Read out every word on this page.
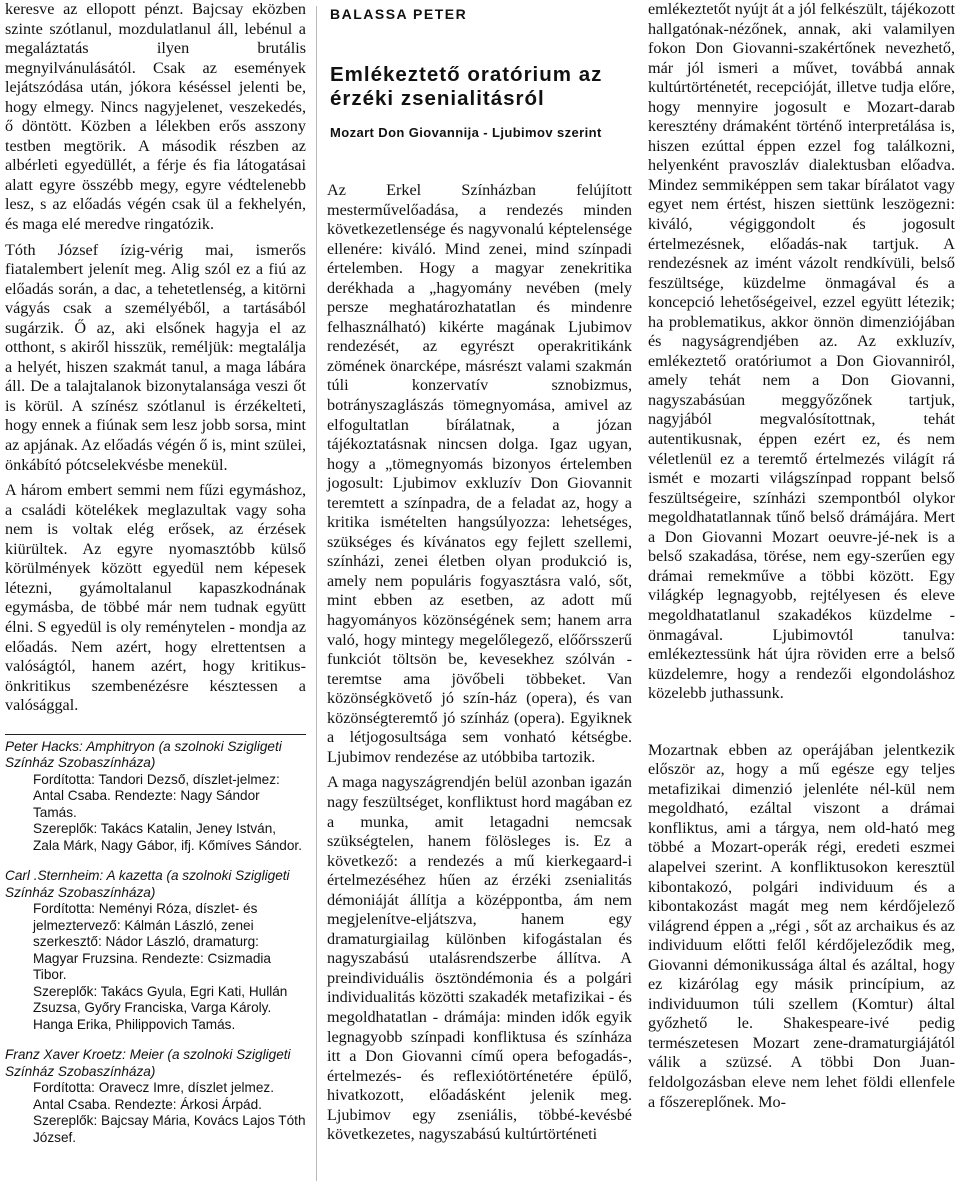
keresve az ellopott pénzt. Bajcsay eközben szinte szótlanul, mozdulatlanul áll, lebénul a megaláztatás ilyen brutális megnyilvánulásától. Csak az események lejátszódása után, jókora késéssel jelenti be, hogy elmegy. Nincs nagyjelenet, veszekedés, ő döntött. Közben a lélekben erős asszony testben megtörik. A második részben az albérleti egyedüllét, a férje és fia látogatásai alatt egyre összébb megy, egyre védtelenebb lesz, s az előadás végén csak ül a fekhelyén, és maga elé meredve ringatózik.

Tóth József ízig-vérig mai, ismerős fiatalembert jelenít meg. Alig szól ez a fiú az előadás során, a dac, a tehetetlenség, a kitörni vágyás csak a személyéből, a tartásából sugárzik. Ő az, aki elsőnek hagyja el az otthont, s akiről hisszük, reméljük: megtalálja a helyét, hiszen szakmát tanul, a maga lábára áll. De a talajtalanok bizonytalansága veszi őt is körül. A színész szótlanul is érzékelteti, hogy ennek a fiúnak sem lesz jobb sorsa, mint az apjának. Az előadás végén ő is, mint szülei, önkábító pótcselekvésbe menekül.

A három embert semmi nem fűzi egymáshoz, a családi kötelékek meglazultak vagy soha nem is voltak elég erősek, az érzések kiürültek. Az egyre nyomasztóbb külső körülmények között egyedül nem képesek létezni, gyámoltalanul kapaszkodnának egymásba, de többé már nem tudnak együtt élni. S egyedül is oly reménytelen - mondja az előadás. Nem azért, hogy elrettentsen a valóságtól, hanem azért, hogy kritikus-önkritikus szembenézésre késztessen a valósággal.

Peter Hacks: Amphitryon (a szolnoki Szigligeti Színház Szobaszínháza)
Fordította: Tandori Dezső, díszlet-jelmez: Antal Csaba. Rendezte: Nagy Sándor Tamás.
Szereplők: Takács Katalin, Jeney István, Zala Márk, Nagy Gábor, ifj. Kőmíves Sándor.
Carl .Sternheim: A kazetta (a szolnoki Szigligeti Színház Szobaszínháza)
Fordította: Neményi Róza, díszlet- és jelmeztervező: Kálmán László, zenei szerkesztő: Nádor László, dramaturg: Magyar Fruzsina. Rendezte: Csizmadia Tibor.
Szereplők: Takács Gyula, Egri Kati, Hullán Zsuzsa, Győry Franciska, Varga Károly. Hanga Erika, Philippovich Tamás.
Franz Xaver Kroetz: Meier (a szolnoki Szigligeti Színház Szobaszínháza)
Fordította: Oravecz Imre, díszlet jelmez. Antal Csaba. Rendezte: Árkosi Árpád.
Szereplők: Bajcsay Mária, Kovács Lajos Tóth József.
BALASSA PETER
Emlékeztető oratórium az érzéki zsenialitásról
Mozart Don Giovannija - Ljubimov szerint

Az Erkel Színházban felújított mesterművelőadása, a rendezés minden következetlensége és nagyvonalú képtelensége ellenére: kiváló. Mind zenei, mind színpadi értelemben. Hogy a magyar zenekritika derékhada a „hagyomány nevében (mely persze meghatározhatatlan és mindenre felhasználható) kikérte magának Ljubimov rendezését, az egyrészt operakritikánk zömének önarcképe, másrészt valami szakmán túli konzervatív sznobizmus, botrányszaglászás tömegnyomása, amivel az elfogultatlan bírálatnak, a józan tájékoztatásnak nincsen dolga. Igaz ugyan, hogy a „tömegnyomás bizonyos értelemben jogosult: Ljubimov exkluzív Don Giovannit teremtett a színpadra, de a feladat az, hogy a kritika ismételten hangsúlyozza: lehetséges, szükséges és kívánatos egy fejlett szellemi, színházi, zenei életben olyan produkció is, amely nem populáris fogyasztásra való, sőt, mint ebben az esetben, az adott mű hagyományos közönségének sem; hanem arra való, hogy mintegy megelőlegező, előőrsszerű funkciót töltsön be, kevesekhez szólván - teremtse ama jövőbeli többeket. Van közönségkövető jó szín-ház (opera), és van közönségteremtő jó színház (opera). Egyiknek a létjogosultsága sem vonható kétségbe. Ljubimov rendezése az utóbbiba tartozik.

A maga nagyszágrendjén belül azonban igazán nagy feszültséget, konfliktust hord magában ez a munka, amit letagadni nemcsak szükségtelen, hanem fölösleges is. Ez a következő: a rendezés a mű kierkegaard-i értelmezéséhez hűen az érzéki zsenialitás démoniáját állítja a középpontba, ám nem megjelenítve-eljátszva, hanem egy dramaturgiailag különben kifogástalan és nagyszabású utalásrendszerbe állítva. A preindividuális ösztöndémonia és a polgári individualitás közötti szakadék metafizikai - és megoldhatatlan - drámája: minden idők egyik legnagyobb színpadi konfliktusa és színháza itt a Don Giovanni című opera befogadás-, értelmezés- és reflexiótörténetére épülő, hivatkozott, előadásként jelenik meg. Ljubimov egy zseniális, többé-kevésbé következetes, nagyszabású kultúrtörténeti

emlékeztetőt nyújt át a jól felkészült, tájékozott hallgatónak-nézőnek, annak, aki valamilyen fokon Don Giovanni-szakértőnek nevezhető, már jól ismeri a művet, továbbá annak kultúrtörténetét, recepcióját, illetve tudja előre, hogy mennyire jogosult e Mozart-darab keresztény drámaként történő interpretálása is, hiszen ezúttal éppen ezzel fog találkozni, helyenként pravoszláv dialektusban előadva. Mindez semmiképpen sem takar bírálatot vagy egyet nem értést, hiszen siettünk leszögezni: kiváló, végiggondolt és jogosult értelmezésnek, előadás-nak tartjuk. A rendezésnek az imént vázolt rendkívüli, belső feszültsége, küzdelme önmagával és a koncepció lehetőségeivel, ezzel együtt létezik; ha problematikus, akkor önnön dimenziójában és nagyságrendjében az. Az exkluzív, emlékeztető oratóriumot a Don Giovanniról, amely tehát nem a Don Giovanni, nagyszabásúan meggyőzőnek tartjuk, nagyjából megvalósítottnak, tehát autentikusnak, éppen ezért ez, és nem véletlenül ez a teremtő értelmezés világít rá ismét e mozarti világszínpad roppant belső feszültségeire, színházi szempontból olykor megoldhatatlannak tűnő belső drámájára. Mert a Don Giovanni Mozart oeuvre-jé-nek is a belső szakadása, törése, nem egy-szerűen egy drámai remekműve a többi között. Egy világkép legnagyobb, rejtélyesen és eleve megoldhatatlanul szakadékos küzdelme - önmagával. Ljubimovtól tanulva: emlékeztessünk hát újra röviden erre a belső küzdelemre, hogy a rendezői elgondoláshoz közelebb juthassunk.

Mozartnak ebben az operájában jelentkezik először az, hogy a mű egésze egy teljes metafizikai dimenzió jelenléte nél-kül nem megoldható, ezáltal viszont a drámai konfliktus, ami a tárgya, nem old-ható meg többé a Mozart-operák régi, eredeti eszmei alapelvei szerint. A konfliktusokon keresztül kibontakozó, polgári individuum és a kibontakozást magát meg nem kérdőjelező világrend éppen a „régi , sőt az archaikus és az individuum előtti felől kérdőjeleződik meg, Giovanni démonikussága által és azáltal, hogy ez kizárólag egy másik princípium, az individuumon túli szellem (Komtur) által győzhető le. Shakespeare-ivé pedig természetesen Mozart zene-dramaturgiájától válik a szüzsé. A többi Don Juan-feldolgozásban eleve nem lehet földi ellenfele a főszereplőnek. Mo-
